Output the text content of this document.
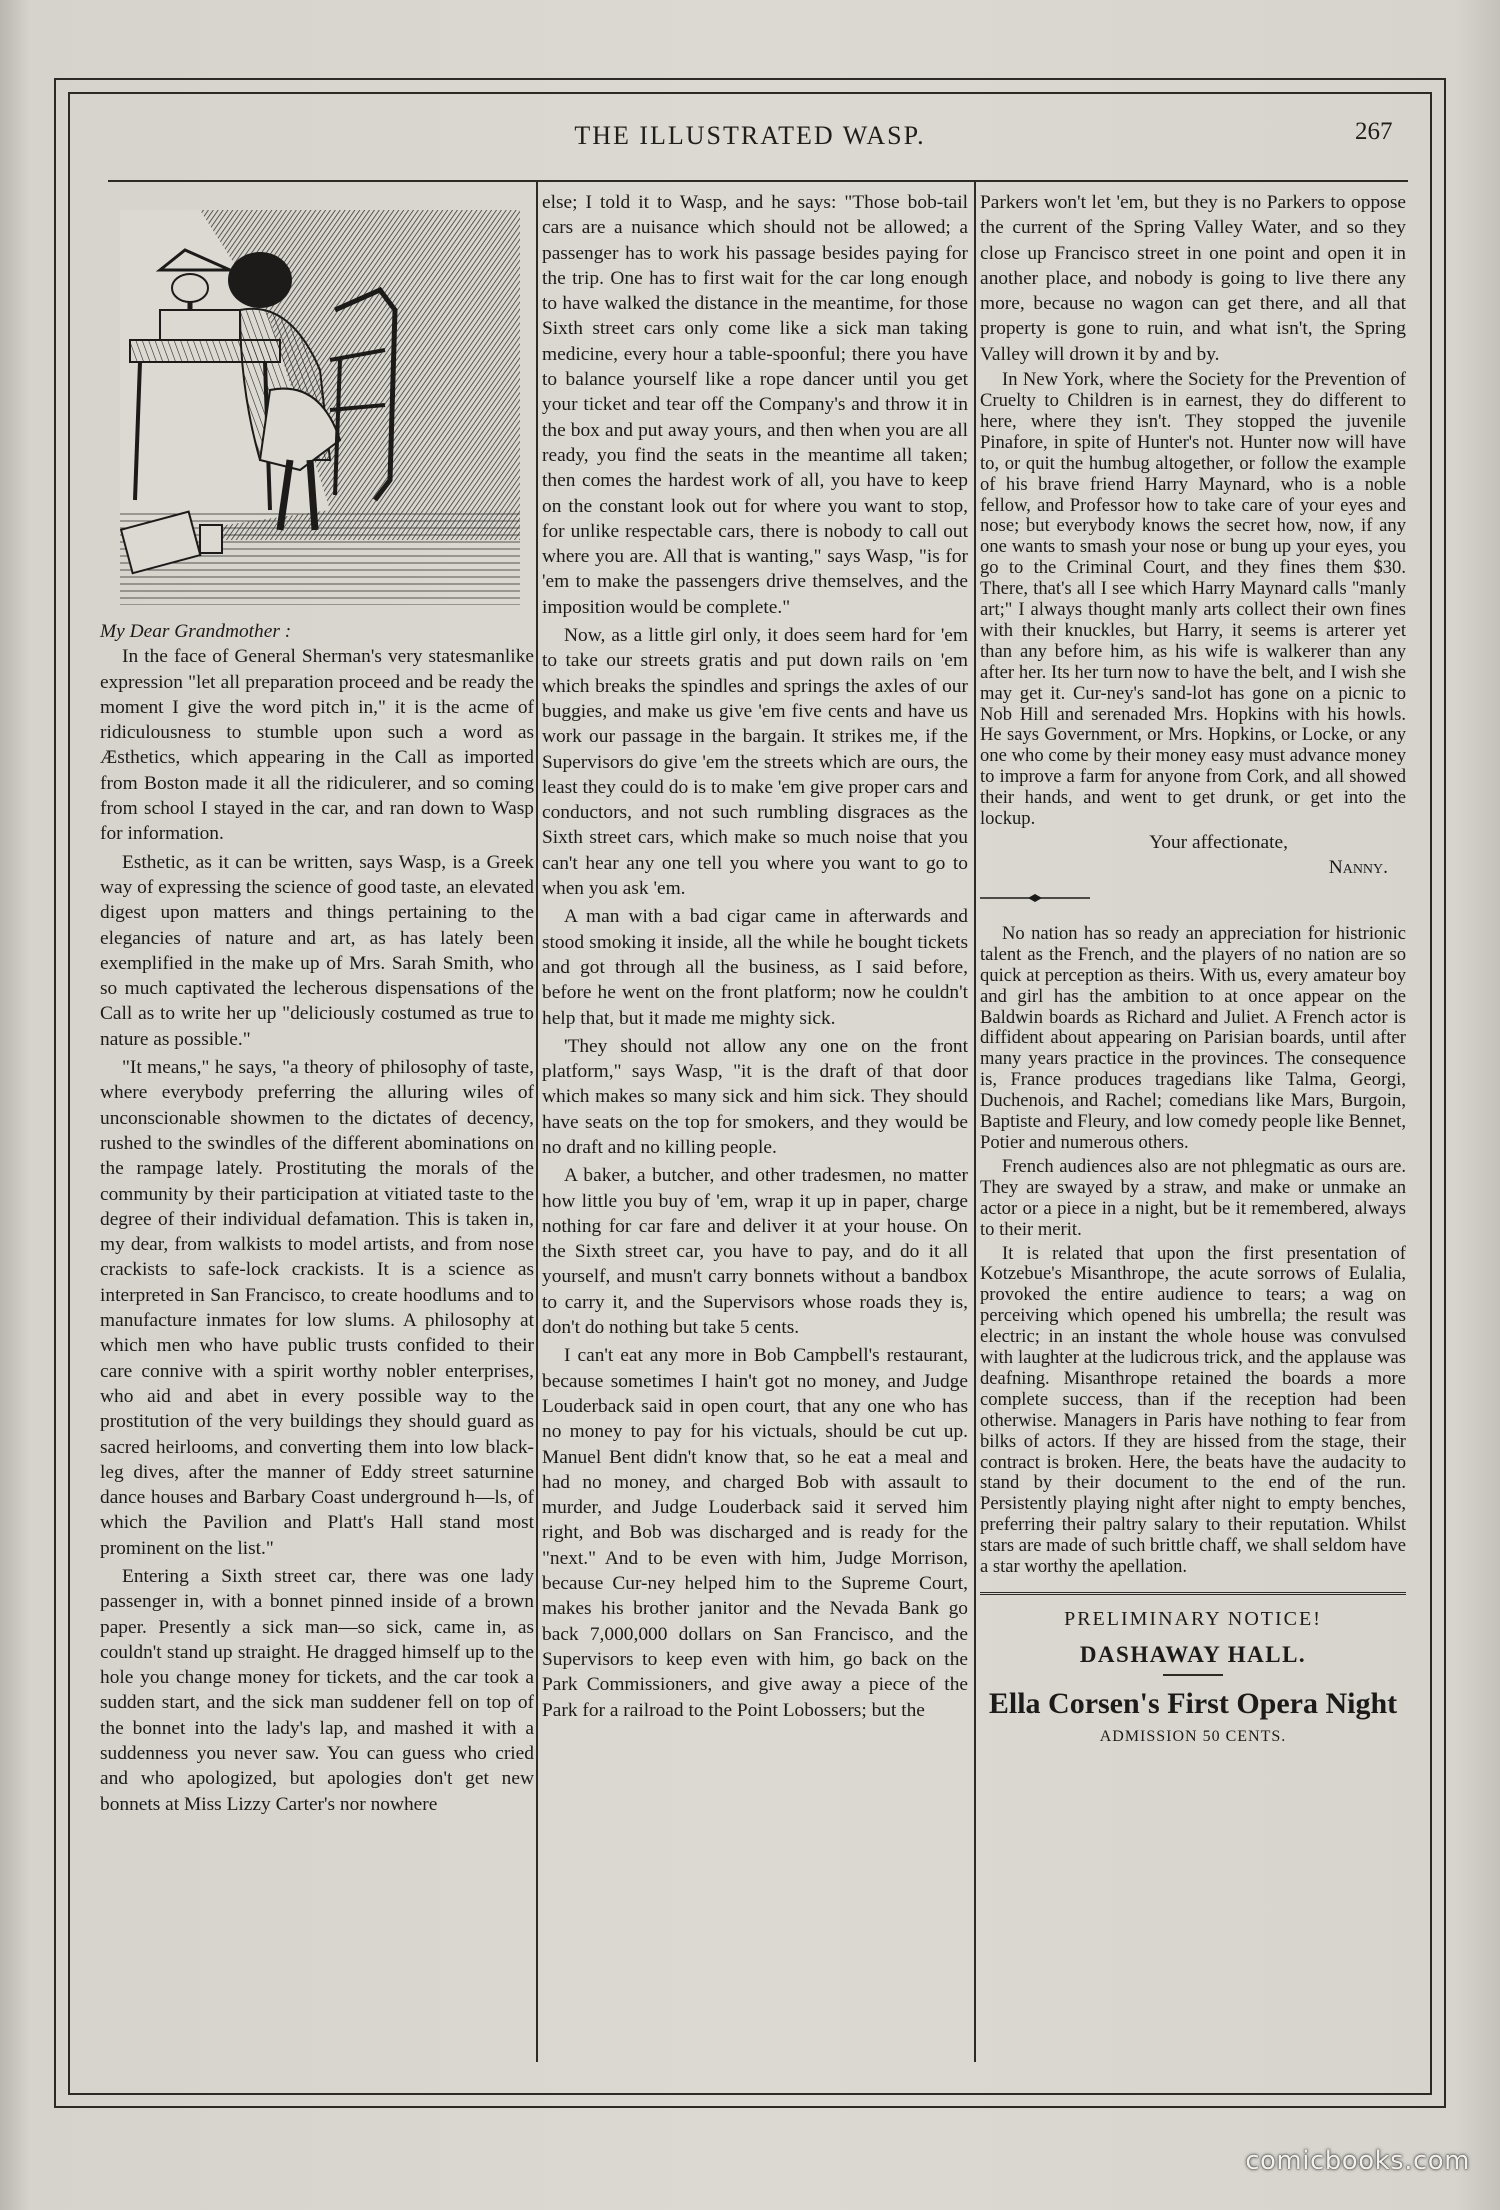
THE ILLUSTRATED WASP.	267

My Dear Grandmother :

In the face of General Sherman's very statesmanlike expression "let all preparation proceed and be ready the moment I give the word pitch in," it is the acme of ridiculousness to stumble upon such a word as Æsthetics, which appearing in the Call as imported from Boston made it all the ridiculerer, and so coming from school I stayed in the car, and ran down to Wasp for information.

Esthetic, as it can be written, says Wasp, is a Greek way of expressing the science of good taste, an elevated digest upon matters and things pertaining to the elegancies of nature and art, as has lately been exemplified in the make up of Mrs. Sarah Smith, who so much captivated the lecherous dispensations of the Call as to write her up "deliciously costumed as true to nature as possible."

"It means," he says, "a theory of philosophy of taste, where everybody preferring the alluring wiles of unconscionable showmen to the dictates of decency, rushed to the swindles of the different abominations on the rampage lately. Prostituting the morals of the community by their participation at vitiated taste to the degree of their individual defamation. This is taken in, my dear, from walkists to model artists, and from nose crackists to safe-lock crackists. It is a science as interpreted in San Francisco, to create hoodlums and to manufacture inmates for low slums. A philosophy at which men who have public trusts confided to their care connive with a spirit worthy nobler enterprises, who aid and abet in every possible way to the prostitution of the very buildings they should guard as sacred heirlooms, and converting them into low black-leg dives, after the manner of Eddy street saturnine dance houses and Barbary Coast underground h—ls, of which the Pavilion and Platt's Hall stand most prominent on the list."

Entering a Sixth street car, there was one lady passenger in, with a bonnet pinned inside of a brown paper. Presently a sick man—so sick, came in, as couldn't stand up straight. He dragged himself up to the hole you change money for tickets, and the car took a sudden start, and the sick man suddener fell on top of the bonnet into the lady's lap, and mashed it with a suddenness you never saw. You can guess who cried and who apologized, but apologies don't get new bonnets at Miss Lizzy Carter's nor nowhere

else; I told it to Wasp, and he says: "Those bob-tail cars are a nuisance which should not be allowed; a passenger has to work his passage besides paying for the trip. One has to first wait for the car long enough to have walked the distance in the meantime, for those Sixth street cars only come like a sick man taking medicine, every hour a table-spoonful; there you have to balance yourself like a rope dancer until you get your ticket and tear off the Company's and throw it in the box and put away yours, and then when you are all ready, you find the seats in the meantime all taken; then comes the hardest work of all, you have to keep on the constant look out for where you want to stop, for unlike respectable cars, there is nobody to call out where you are. All that is wanting," says Wasp, "is for 'em to make the passengers drive themselves, and the imposition would be complete."

Now, as a little girl only, it does seem hard for 'em to take our streets gratis and put down rails on 'em which breaks the spindles and springs the axles of our buggies, and make us give 'em five cents and have us work our passage in the bargain. It strikes me, if the Supervisors do give 'em the streets which are ours, the least they could do is to make 'em give proper cars and conductors, and not such rumbling disgraces as the Sixth street cars, which make so much noise that you can't hear any one tell you where you want to go to when you ask 'em.

A man with a bad cigar came in afterwards and stood smoking it inside, all the while he bought tickets and got through all the business, as I said before, before he went on the front platform; now he couldn't help that, but it made me mighty sick.

'They should not allow any one on the front platform," says Wasp, "it is the draft of that door which makes so many sick and him sick. They should have seats on the top for smokers, and they would be no draft and no killing people.

A baker, a butcher, and other tradesmen, no matter how little you buy of 'em, wrap it up in paper, charge nothing for car fare and deliver it at your house. On the Sixth street car, you have to pay, and do it all yourself, and musn't carry bonnets without a bandbox to carry it, and the Supervisors whose roads they is, don't do nothing but take 5 cents.

I can't eat any more in Bob Campbell's restaurant, because sometimes I hain't got no money, and Judge Louderback said in open court, that any one who has no money to pay for his victuals, should be cut up. Manuel Bent didn't know that, so he eat a meal and had no money, and charged Bob with assault to murder, and Judge Louderback said it served him right, and Bob was discharged and is ready for the "next." And to be even with him, Judge Morrison, because Cur-ney helped him to the Supreme Court, makes his brother janitor and the Nevada Bank go back 7,000,000 dollars on San Francisco, and the Supervisors to keep even with him, go back on the Park Commissioners, and give away a piece of the Park for a railroad to the Point Lobossers; but the

Parkers won't let 'em, but they is no Parkers to oppose the current of the Spring Valley Water, and so they close up Francisco street in one point and open it in another place, and nobody is going to live there any more, because no wagon can get there, and all that property is gone to ruin, and what isn't, the Spring Valley will drown it by and by.

In New York, where the Society for the Prevention of Cruelty to Children is in earnest, they do different to here, where they isn't. They stopped the juvenile Pinafore, in spite of Hunter's not. Hunter now will have to, or quit the humbug altogether, or follow the example of his brave friend Harry Maynard, who is a noble fellow, and Professor how to take care of your eyes and nose; but everybody knows the secret how, now, if any one wants to smash your nose or bung up your eyes, you go to the Criminal Court, and they fines them $30. There, that's all I see which Harry Maynard calls "manly art;" I always thought manly arts collect their own fines with their knuckles, but Harry, it seems is arterer yet than any before him, as his wife is walkerer than any after her. Its her turn now to have the belt, and I wish she may get it. Cur-ney's sand-lot has gone on a picnic to Nob Hill and serenaded Mrs. Hopkins with his howls. He says Government, or Mrs. Hopkins, or Locke, or any one who come by their money easy must advance money to improve a farm for anyone from Cork, and all showed their hands, and went to get drunk, or get into the lockup.

Your affectionate,

Nanny.

No nation has so ready an appreciation for histrionic talent as the French, and the players of no nation are so quick at perception as theirs. With us, every amateur boy and girl has the ambition to at once appear on the Baldwin boards as Richard and Juliet. A French actor is diffident about appearing on Parisian boards, until after many years practice in the provinces. The consequence is, France produces tragedians like Talma, Georgi, Duchenois, and Rachel; comedians like Mars, Burgoin, Baptiste and Fleury, and low comedy people like Bennet, Potier and numerous others.

French audiences also are not phlegmatic as ours are. They are swayed by a straw, and make or unmake an actor or a piece in a night, but be it remembered, always to their merit.

It is related that upon the first presentation of Kotzebue's Misanthrope, the acute sorrows of Eulalia, provoked the entire audience to tears; a wag on perceiving which opened his umbrella; the result was electric; in an instant the whole house was convulsed with laughter at the ludicrous trick, and the applause was deafning. Misanthrope retained the boards a more complete success, than if the reception had been otherwise. Managers in Paris have nothing to fear from bilks of actors. If they are hissed from the stage, their contract is broken. Here, the beats have the audacity to stand by their document to the end of the run. Persistently playing night after night to empty benches, preferring their paltry salary to their reputation. Whilst stars are made of such brittle chaff, we shall seldom have a star worthy the apellation.

PRELIMINARY NOTICE!

DASHAWAY HALL.

Ella Corsen's First Opera Night

ADMISSION 50 CENTS.

comicbooks.com
